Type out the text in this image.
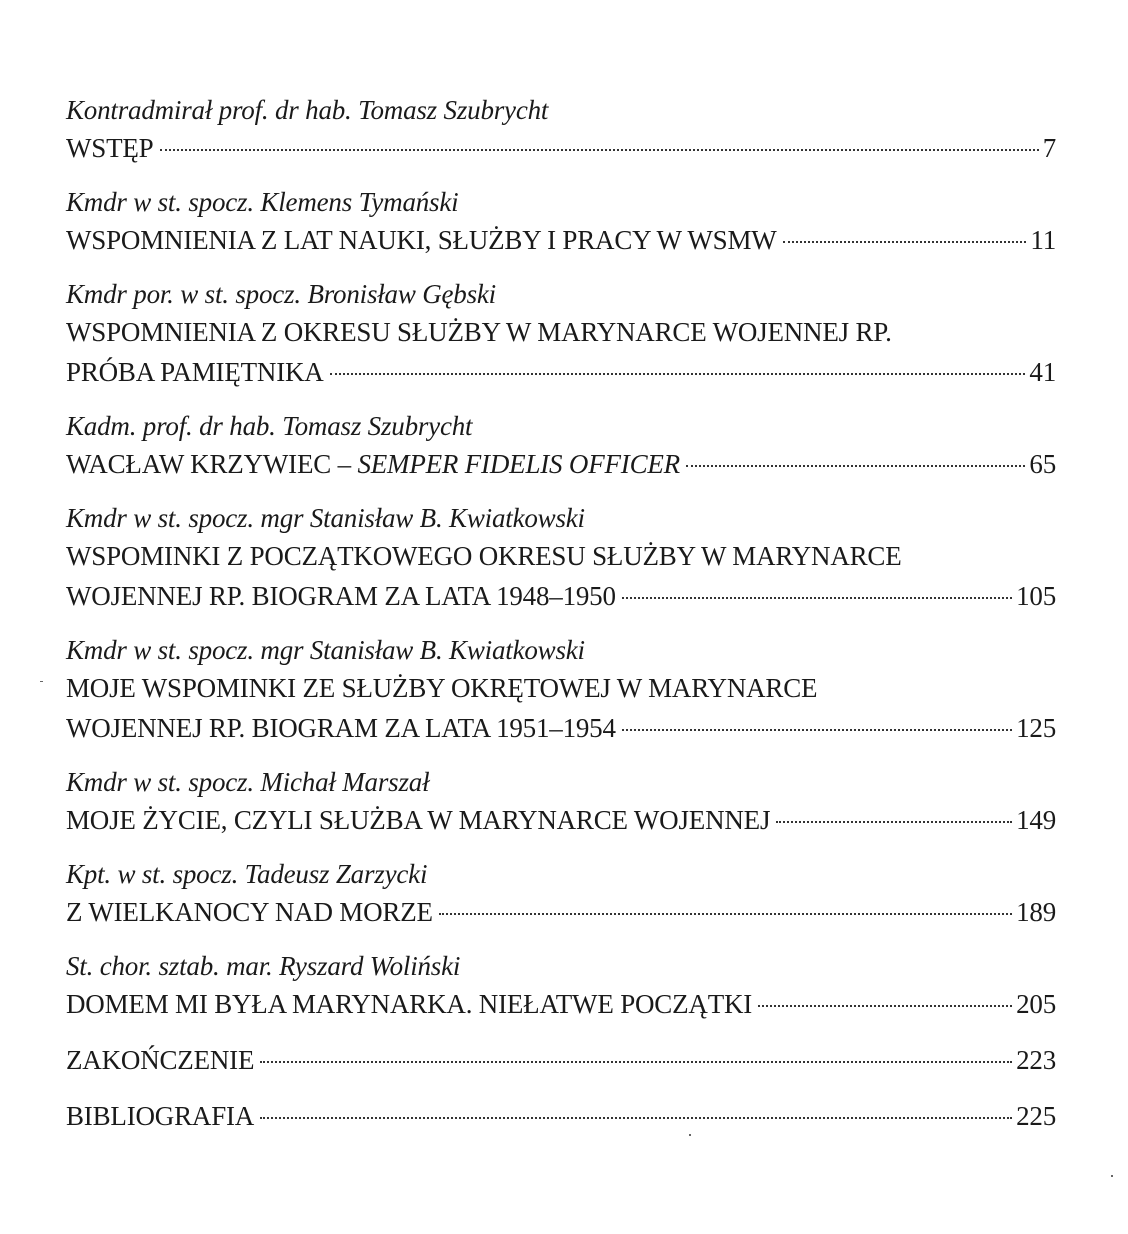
Kontradmirał prof. dr hab. Tomasz Szubrycht
WSTĘP	7
Kmdr w st. spocz. Klemens Tymański
WSPOMNIENIA Z LAT NAUKI, SŁUŻBY I PRACY W WSMW	11
Kmdr por. w st. spocz. Bronisław Gębski
WSPOMNIENIA Z OKRESU SŁUŻBY W MARYNARCE WOJENNEJ RP.
PRÓBA PAMIĘTNIKA	41
Kadm. prof. dr hab. Tomasz Szubrycht
WACŁAW KRZYWIEC – SEMPER FIDELIS OFFICER	65
Kmdr w st. spocz. mgr Stanisław B. Kwiatkowski
WSPOMINKI Z POCZĄTKOWEGO OKRESU SŁUŻBY W MARYNARCE
WOJENNEJ RP. BIOGRAM ZA LATA 1948–1950	105
Kmdr w st. spocz. mgr Stanisław B. Kwiatkowski
MOJE WSPOMINKI ZE SŁUŻBY OKRĘTOWEJ W MARYNARCE
WOJENNEJ RP. BIOGRAM ZA LATA 1951–1954	125
Kmdr w st. spocz. Michał Marszał
MOJE ŻYCIE, CZYLI SŁUŻBA W MARYNARCE WOJENNEJ	149
Kpt. w st. spocz. Tadeusz Zarzycki
Z WIELKANOCY NAD MORZE	189
St. chor. sztab. mar. Ryszard Woliński
DOMEM MI BYŁA MARYNARKA. NIEŁATWE POCZĄTKI	205
ZAKOŃCZENIE	223
BIBLIOGRAFIA	225
